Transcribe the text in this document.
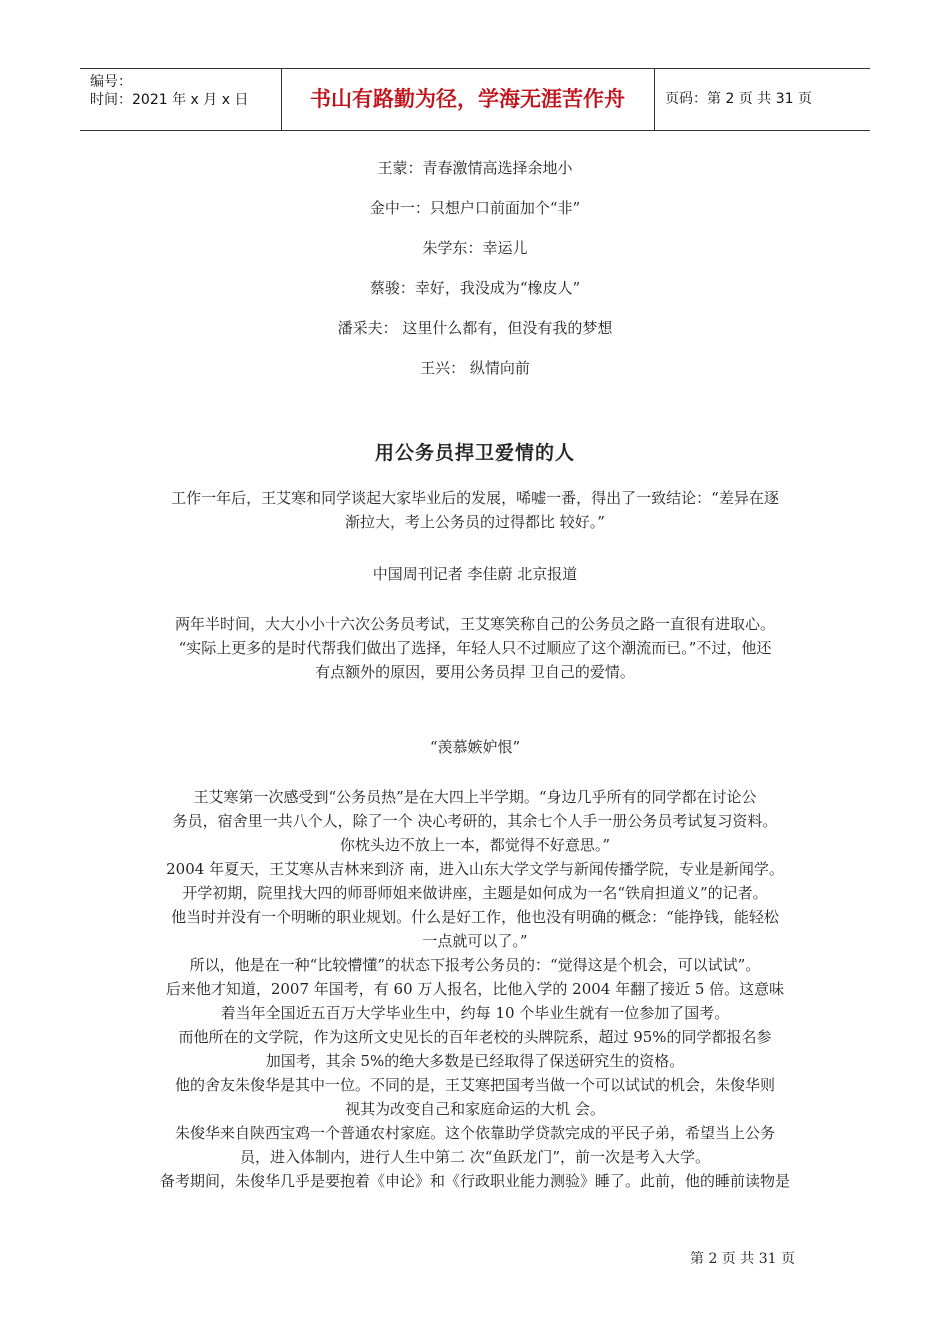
编号：
时间：2021 年 x 月 x 日	书山有路勤为径，学海无涯苦作舟	页码：第 2 页 共 31 页
王蒙：青春激情高选择余地小
金中一：只想户口前面加个“非”
朱学东：幸运儿
蔡骏：幸好，我没成为“橡皮人”
潘采夫： 这里什么都有，但没有我的梦想
王兴： 纵情向前
用公务员捍卫爱情的人
工作一年后，王艾寒和同学谈起大家毕业后的发展，唏嘘一番，得出了一致结论：“差异在逐
渐拉大，考上公务员的过得都比 较好。”
中国周刊记者 李佳蔚 北京报道
两年半时间，大大小小十六次公务员考试，王艾寒笑称自己的公务员之路一直很有进取心。
“实际上更多的是时代帮我们做出了选择，年轻人只不过顺应了这个潮流而已。”不过，他还
有点额外的原因，要用公务员捍 卫自己的爱情。
“羡慕嫉妒恨”
王艾寒第一次感受到“公务员热”是在大四上半学期。“身边几乎所有的同学都在讨论公
务员，宿舍里一共八个人，除了一个 决心考研的，其余七个人手一册公务员考试复习资料。
你枕头边不放上一本，都觉得不好意思。”
2004 年夏天，王艾寒从吉林来到济 南，进入山东大学文学与新闻传播学院，专业是新闻学。
开学初期，院里找大四的师哥师姐来做讲座，主题是如何成为一名“铁肩担道义”的记者。
他当时并没有一个明晰的职业规划。什么是好工作，他也没有明确的概念：“能挣钱，能轻松
一点就可以了。”
所以，他是在一种“比较懵懂”的状态下报考公务员的：“觉得这是个机会，可以试试”。
后来他才知道，2007 年国考，有 60 万人报名，比他入学的 2004 年翻了接近 5 倍。这意味
着当年全国近五百万大学毕业生中，约每 10 个毕业生就有一位参加了国考。
而他所在的文学院，作为这所文史见长的百年老校的头牌院系，超过 95%的同学都报名参
加国考，其余 5%的绝大多数是已经取得了保送研究生的资格。
他的舍友朱俊华是其中一位。不同的是，王艾寒把国考当做一个可以试试的机会，朱俊华则
视其为改变自己和家庭命运的大机 会。
朱俊华来自陕西宝鸡一个普通农村家庭。这个依靠助学贷款完成的平民子弟，希望当上公务
员，进入体制内，进行人生中第二 次“鱼跃龙门”，前一次是考入大学。
备考期间，朱俊华几乎是要抱着《申论》和《行政职业能力测验》睡了。此前，他的睡前读物是
第 2 页 共 31 页
